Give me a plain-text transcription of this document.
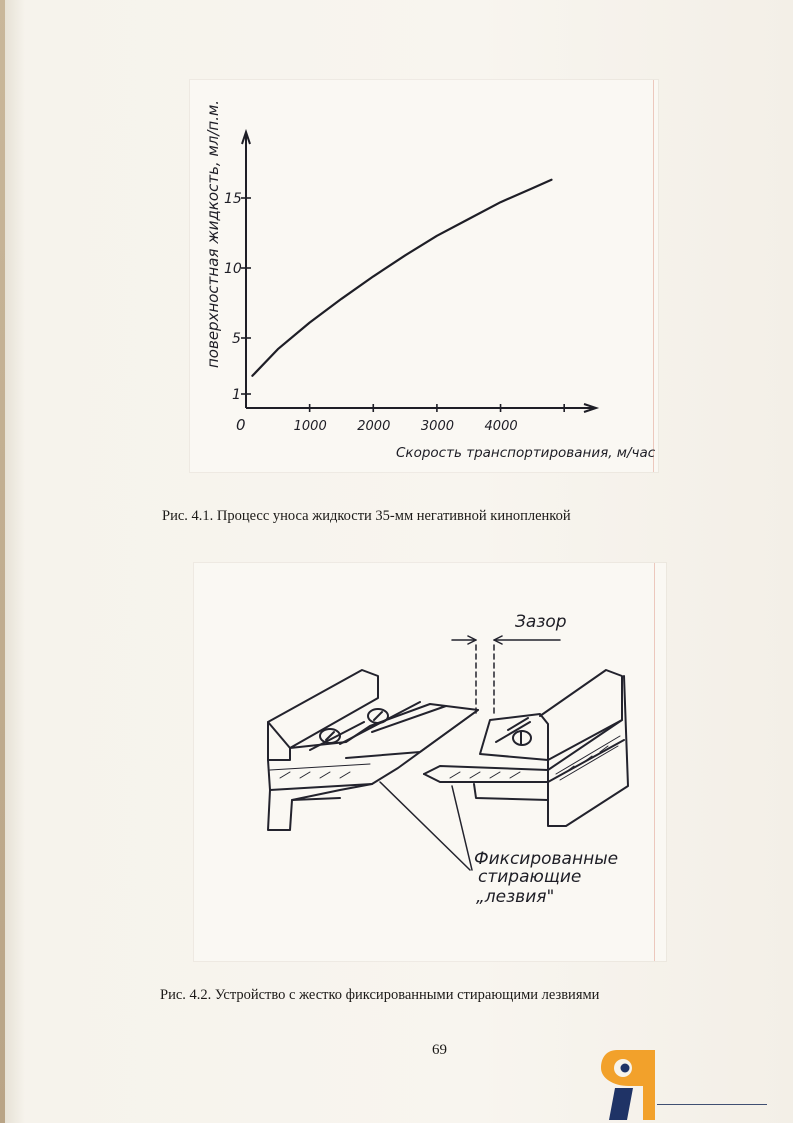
0	1000 2000 3000 4000
1
5
10
15
поверхностная жидкость, мл/п.м.
Скорость транспортирования, м/час
Рис. 4.1. Процесс уноса жидкости 35-мм негативной кинопленкой
Зазор
Фиксированные
стирающие
„лезвия"
Рис. 4.2. Устройство с жестко фиксированными стирающими лезвиями
69
